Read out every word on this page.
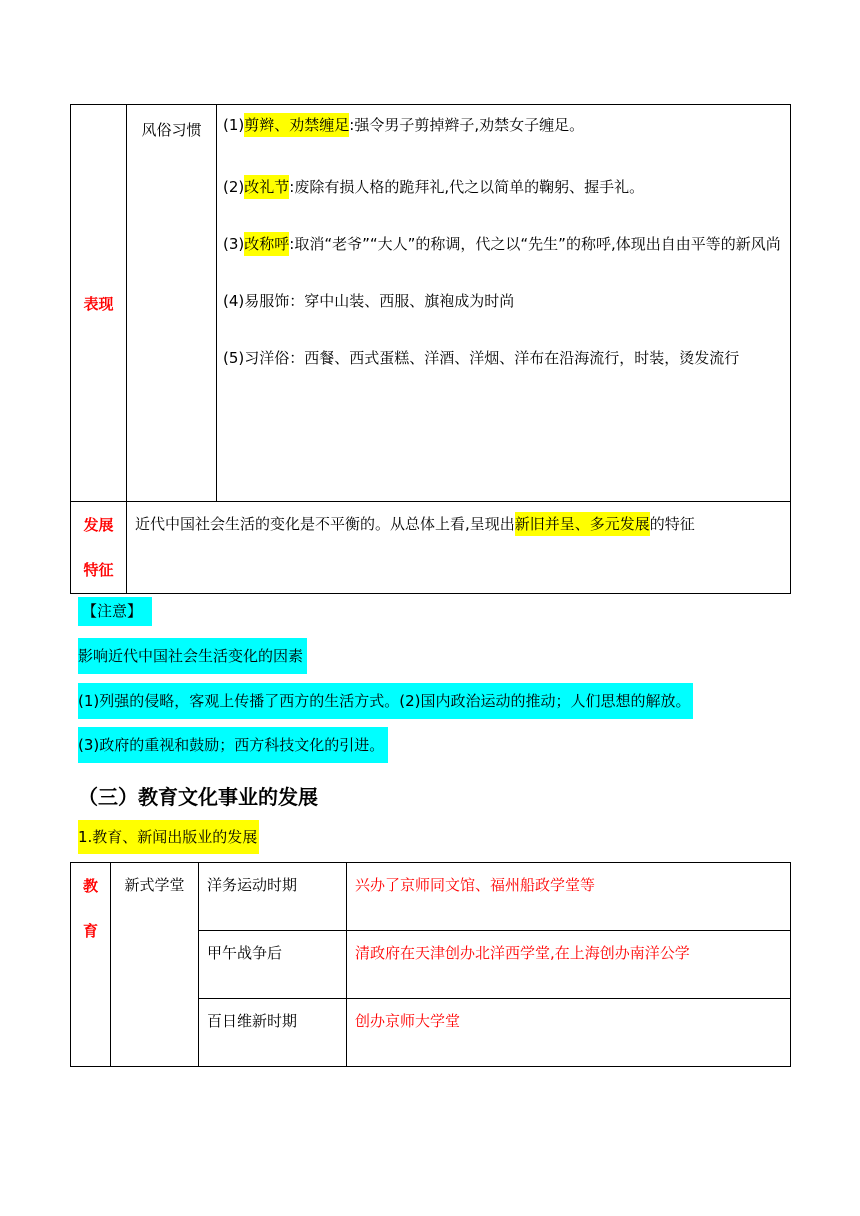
表现	风俗习惯	(1)剪辫、劝禁缠足:强令男子剪掉辫子,劝禁女子缠足。

(2)改礼节:废除有损人格的跪拜礼,代之以简单的鞠躬、握手礼。

(3)改称呼:取消“老爷”“大人”的称调，代之以“先生”的称呼,体现出自由平等的新风尚

(4)易服饰：穿中山装、西服、旗袍成为时尚

(5)习洋俗：西餐、西式蛋糕、洋酒、洋烟、洋布在沿海流行，时装，烫发流行

发展
特征	近代中国社会生活的变化是不平衡的。从总体上看,呈现出新旧并呈、多元发展的特征	
【注意】
影响近代中国社会生活变化的因素
(1)列强的侵略，客观上传播了西方的生活方式。(2)国内政治运动的推动；人们思想的解放。
(3)政府的重视和鼓励；西方科技文化的引进。
（三）教育文化事业的发展
1.教育、新闻出版业的发展
教
育	新式学堂	洋务运动时期	兴办了京师同文馆、福州船政学堂等
		甲午战争后	清政府在天津创办北洋西学堂,在上海创办南洋公学
		百日维新时期	创办京师大学堂
